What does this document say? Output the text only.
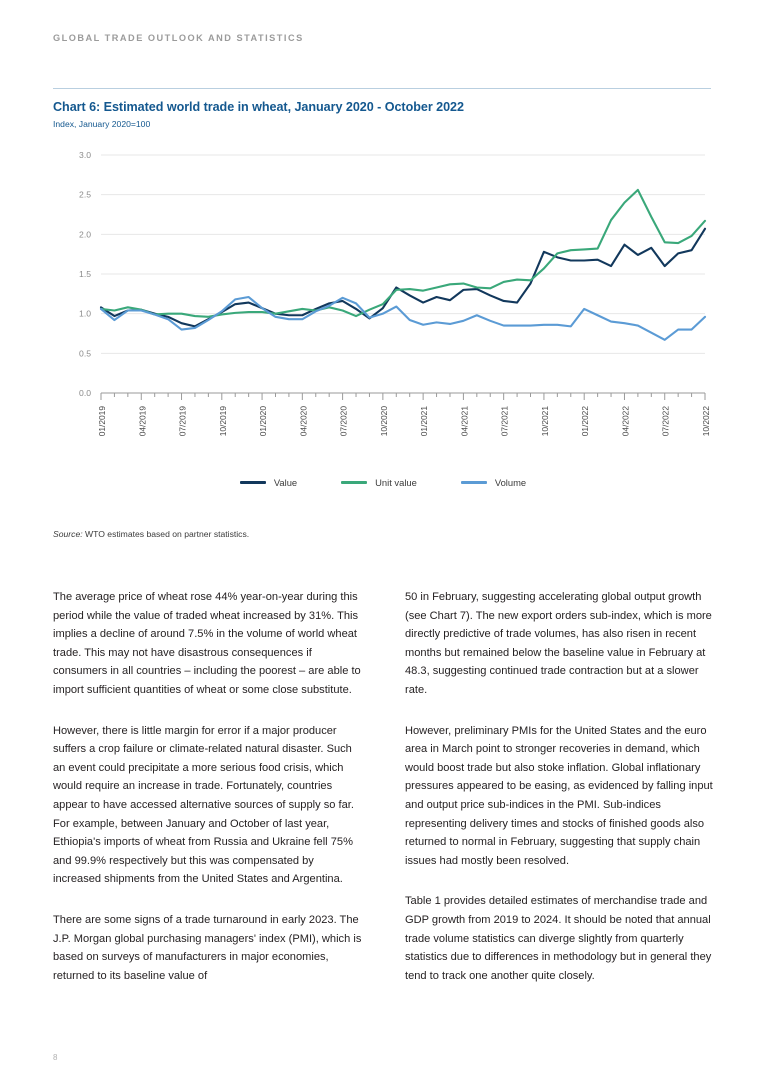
GLOBAL TRADE OUTLOOK AND STATISTICS
Chart 6: Estimated world trade in wheat, January 2020 - October 2022

Index, January 2020=100

0.0
0.5
1.0
1.5
2.0
2.5
3.0
01/2019	04/2019	07/2019	10/2019	01/2020	04/2020	07/2020	10/2020	01/2021	04/2021	07/2021	10/2021	01/2022	04/2022	07/2022	10/2022
Value	Unit value	Volume
Source: WTO estimates based on partner statistics.

The average price of wheat rose 44% year-on-year during this period while the value of traded wheat increased by 31%. This implies a decline of around 7.5% in the volume of world wheat trade. This may not have disastrous consequences if consumers in all countries – including the poorest – are able to import sufficient quantities of wheat or some close substitute.

However, there is little margin for error if a major producer suffers a crop failure or climate-related natural disaster. Such an event could precipitate a more serious food crisis, which would require an increase in trade. Fortunately, countries appear to have accessed alternative sources of supply so far. For example, between January and October of last year, Ethiopia's imports of wheat from Russia and Ukraine fell 75% and 99.9% respectively but this was compensated by increased shipments from the United States and Argentina.

There are some signs of a trade turnaround in early 2023. The J.P. Morgan global purchasing managers' index (PMI), which is based on surveys of manufacturers in major economies, returned to its baseline value of

50 in February, suggesting accelerating global output growth (see Chart 7). The new export orders sub-index, which is more directly predictive of trade volumes, has also risen in recent months but remained below the baseline value in February at 48.3, suggesting continued trade contraction but at a slower rate.

However, preliminary PMIs for the United States and the euro area in March point to stronger recoveries in demand, which would boost trade but also stoke inflation. Global inflationary pressures appeared to be easing, as evidenced by falling input and output price sub-indices in the PMI. Sub-indices representing delivery times and stocks of finished goods also returned to normal in February, suggesting that supply chain issues had mostly been resolved.

Table 1 provides detailed estimates of merchandise trade and GDP growth from 2019 to 2024. It should be noted that annual trade volume statistics can diverge slightly from quarterly statistics due to differences in methodology but in general they tend to track one another quite closely.

8
